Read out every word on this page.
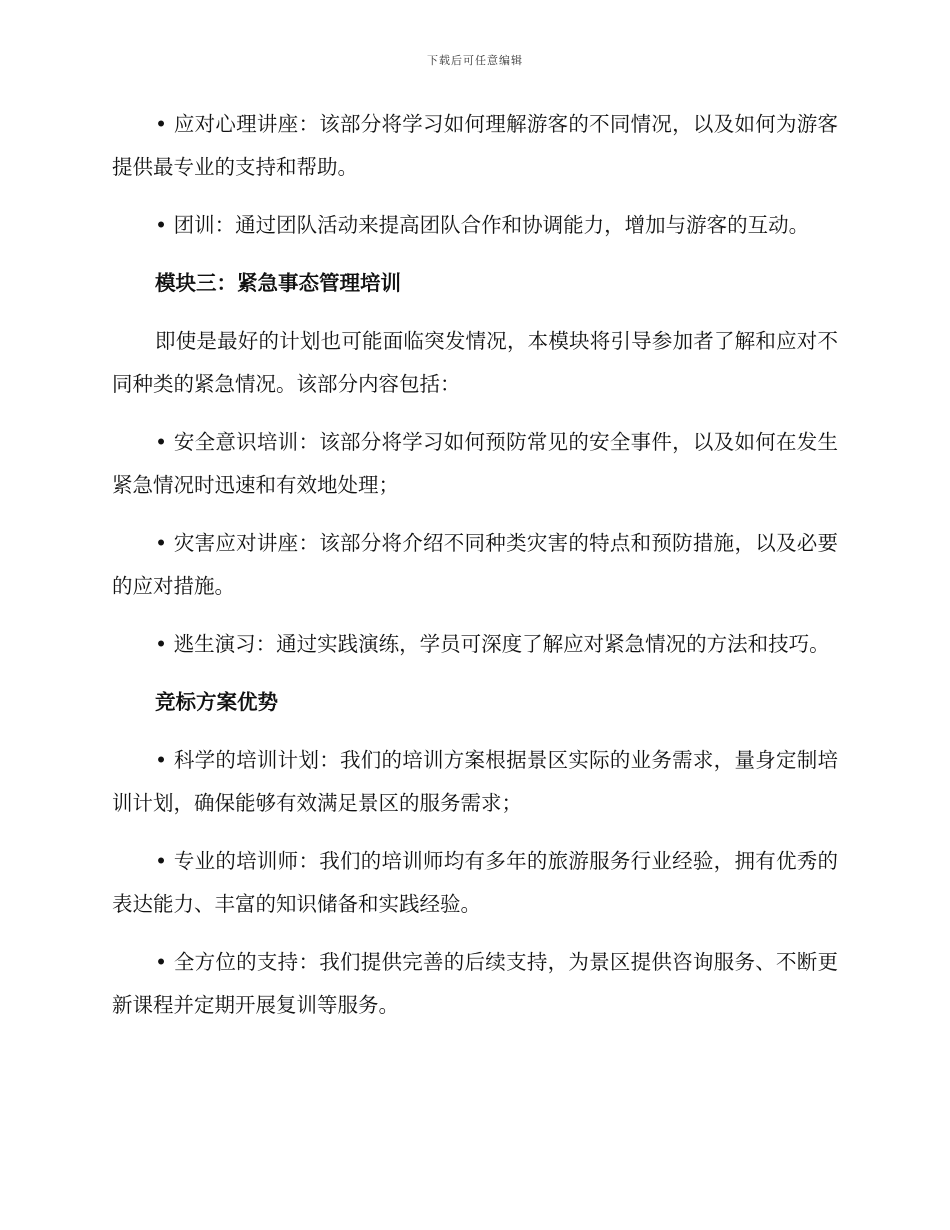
下载后可任意编辑

• 应对心理讲座：该部分将学习如何理解游客的不同情况，以及如何为游客提供最专业的支持和帮助。

• 团训：通过团队活动来提高团队合作和协调能力，增加与游客的互动。

模块三：紧急事态管理培训

即使是最好的计划也可能面临突发情况，本模块将引导参加者了解和应对不同种类的紧急情况。该部分内容包括：

• 安全意识培训：该部分将学习如何预防常见的安全事件，以及如何在发生紧急情况时迅速和有效地处理；

• 灾害应对讲座：该部分将介绍不同种类灾害的特点和预防措施，以及必要的应对措施。

• 逃生演习：通过实践演练，学员可深度了解应对紧急情况的方法和技巧。

竞标方案优势

• 科学的培训计划：我们的培训方案根据景区实际的业务需求，量身定制培训计划，确保能够有效满足景区的服务需求；

• 专业的培训师：我们的培训师均有多年的旅游服务行业经验，拥有优秀的表达能力、丰富的知识储备和实践经验。

• 全方位的支持：我们提供完善的后续支持，为景区提供咨询服务、不断更新课程并定期开展复训等服务。
